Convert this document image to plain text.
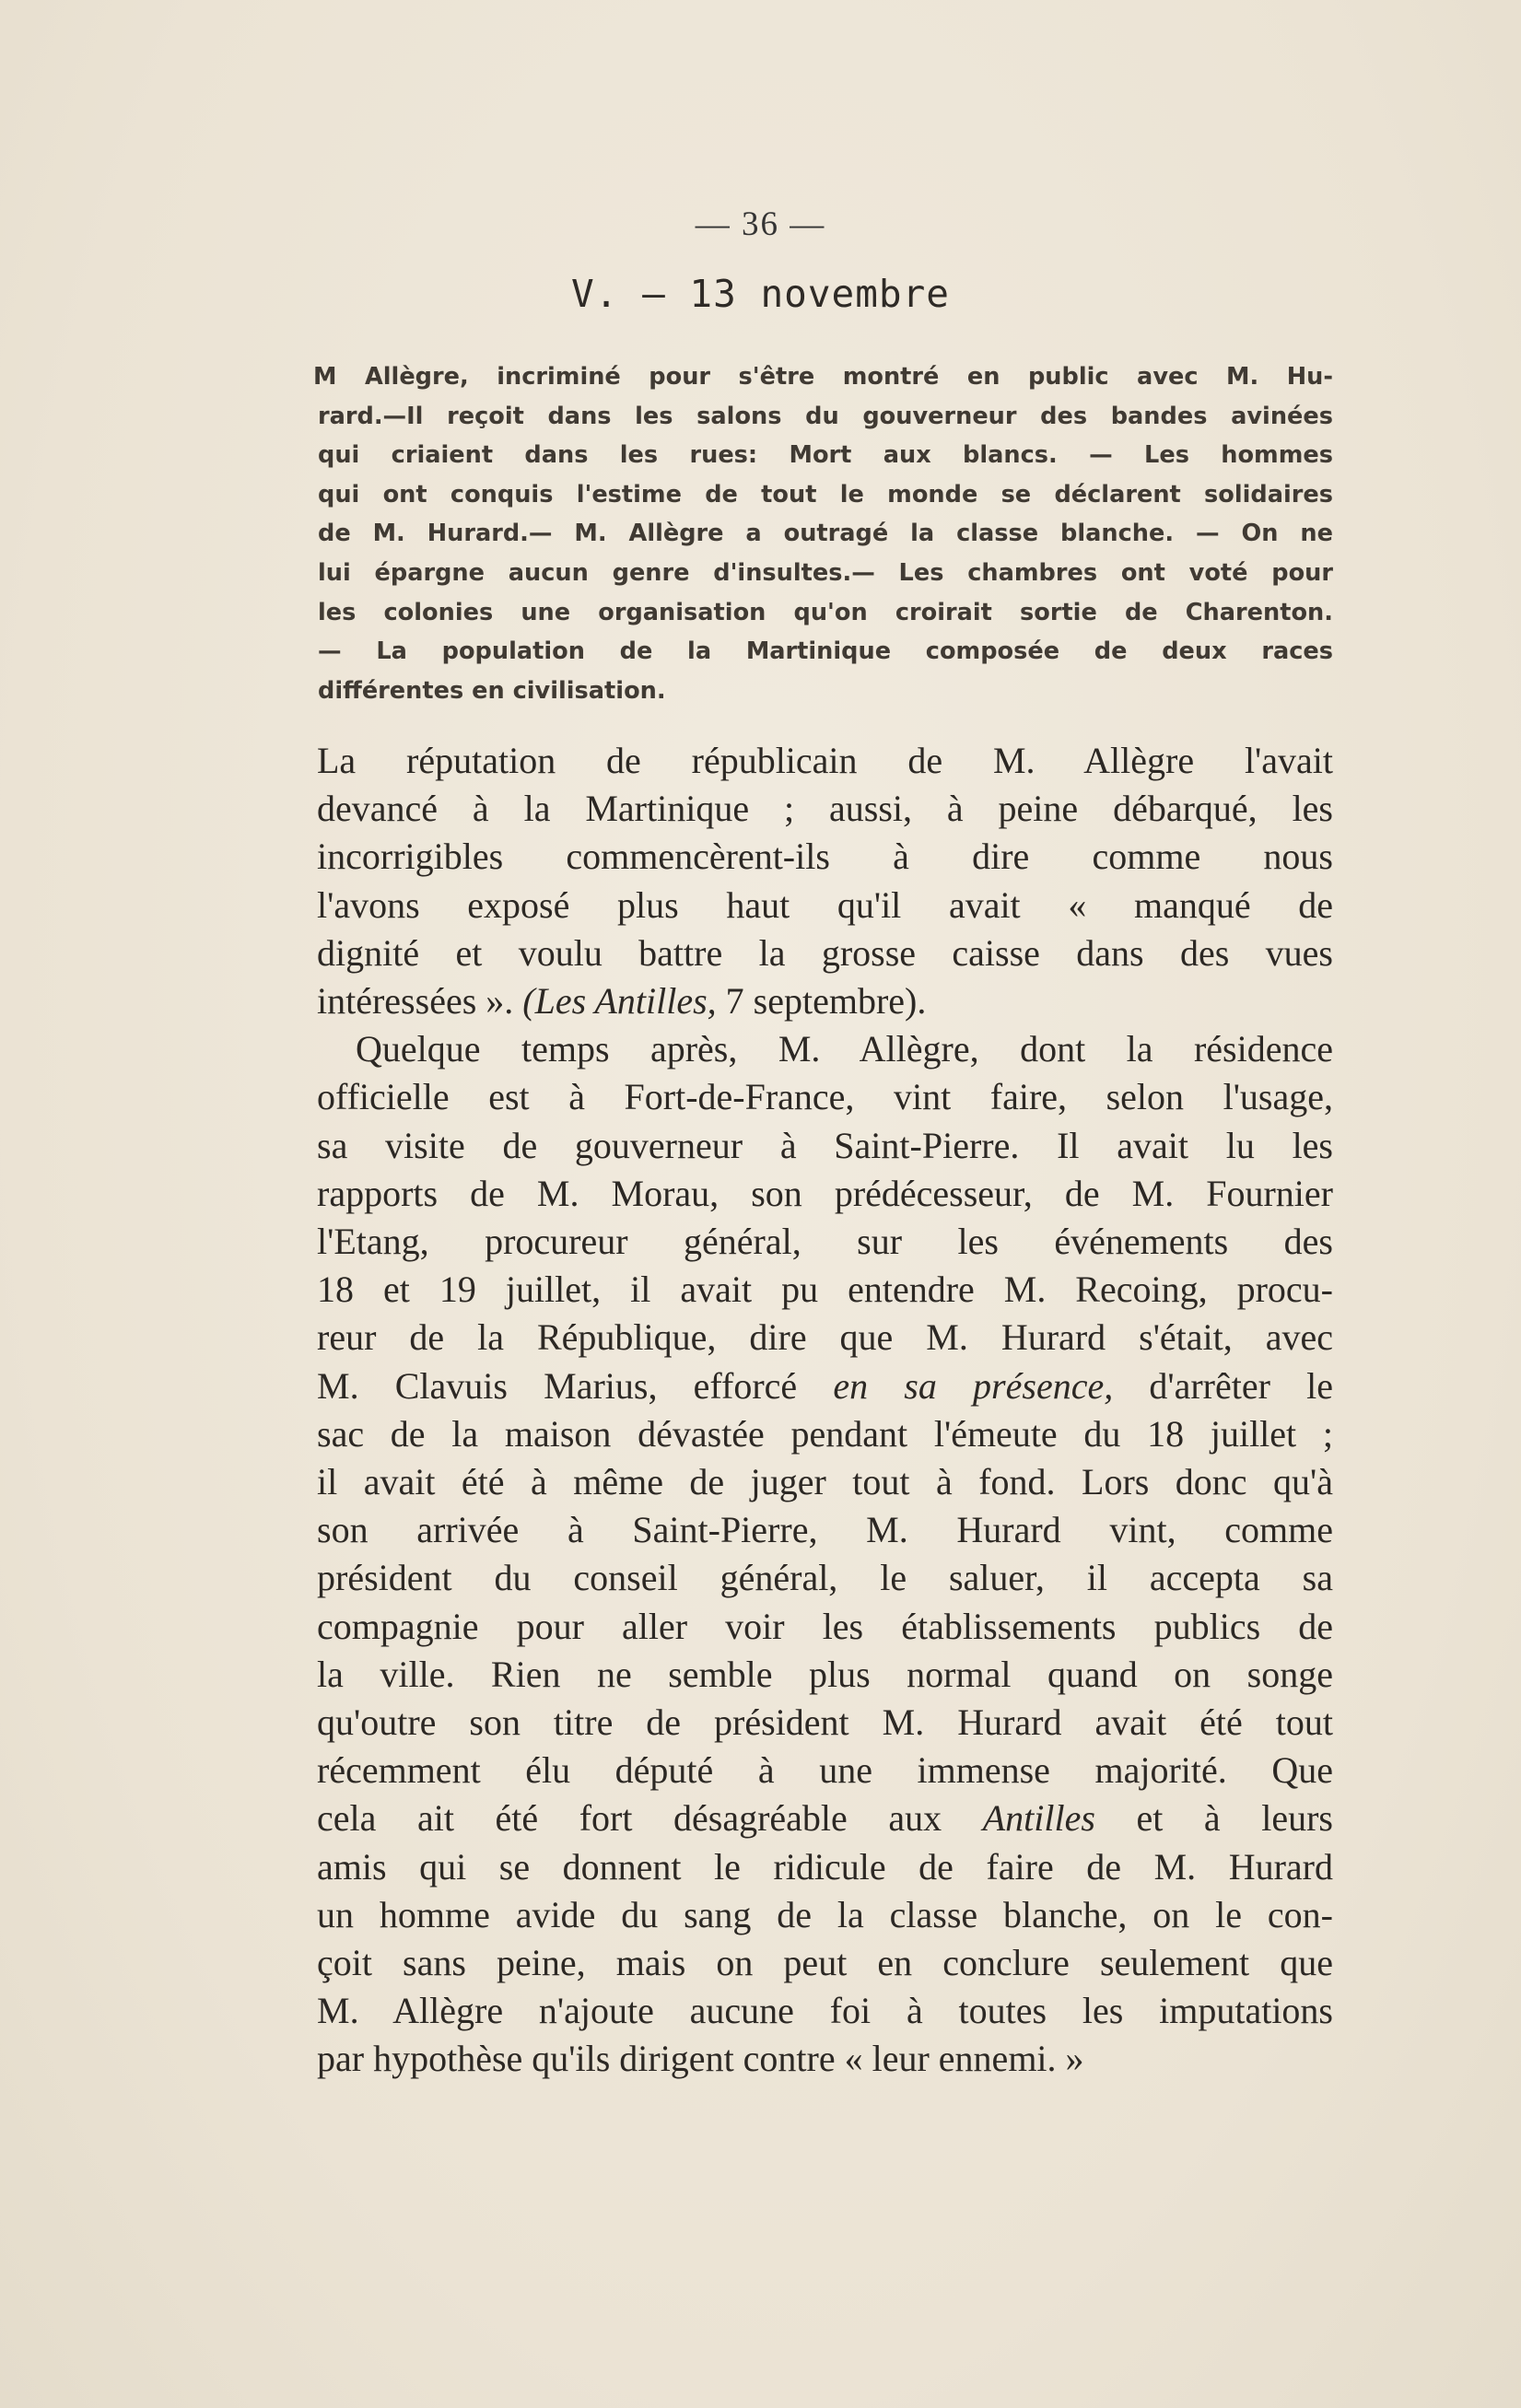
— 36 —
V. — 13 novembre
M Allègre, incriminé pour s'être montré en public avec M. Hu-
rard.—Il reçoit dans les salons du gouverneur des bandes avinées
qui criaient dans les rues: Mort aux blancs. — Les hommes
qui ont conquis l'estime de tout le monde se déclarent solidaires
de M. Hurard.— M. Allègre a outragé la classe blanche. — On ne
lui épargne aucun genre d'insultes.— Les chambres ont voté pour
les colonies une organisation qu'on croirait sortie de Charenton.
— La population de la Martinique composée de deux races
différentes en civilisation.
La réputation de républicain de M. Allègre l'avait
devancé à la Martinique ; aussi, à peine débarqué, les
incorrigibles commencèrent-ils à dire comme nous
l'avons exposé plus haut qu'il avait « manqué de
dignité et voulu battre la grosse caisse dans des vues
intéressées ». (Les Antilles, 7 septembre).
Quelque temps après, M. Allègre, dont la résidence
officielle est à Fort-de-France, vint faire, selon l'usage,
sa visite de gouverneur à Saint-Pierre. Il avait lu les
rapports de M. Morau, son prédécesseur, de M. Fournier
l'Etang, procureur général, sur les événements des
18 et 19 juillet, il avait pu entendre M. Recoing, procu-
reur de la République, dire que M. Hurard s'était, avec
M. Clavuis Marius, efforcé en sa présence, d'arrêter le
sac de la maison dévastée pendant l'émeute du 18 juillet ;
il avait été à même de juger tout à fond. Lors donc qu'à
son arrivée à Saint-Pierre, M. Hurard vint, comme
président du conseil général, le saluer, il accepta sa
compagnie pour aller voir les établissements publics de
la ville. Rien ne semble plus normal quand on songe
qu'outre son titre de président M. Hurard avait été tout
récemment élu député à une immense majorité. Que
cela ait été fort désagréable aux Antilles et à leurs
amis qui se donnent le ridicule de faire de M. Hurard
un homme avide du sang de la classe blanche, on le con-
çoit sans peine, mais on peut en conclure seulement que
M. Allègre n'ajoute aucune foi à toutes les imputations
par hypothèse qu'ils dirigent contre « leur ennemi. »
